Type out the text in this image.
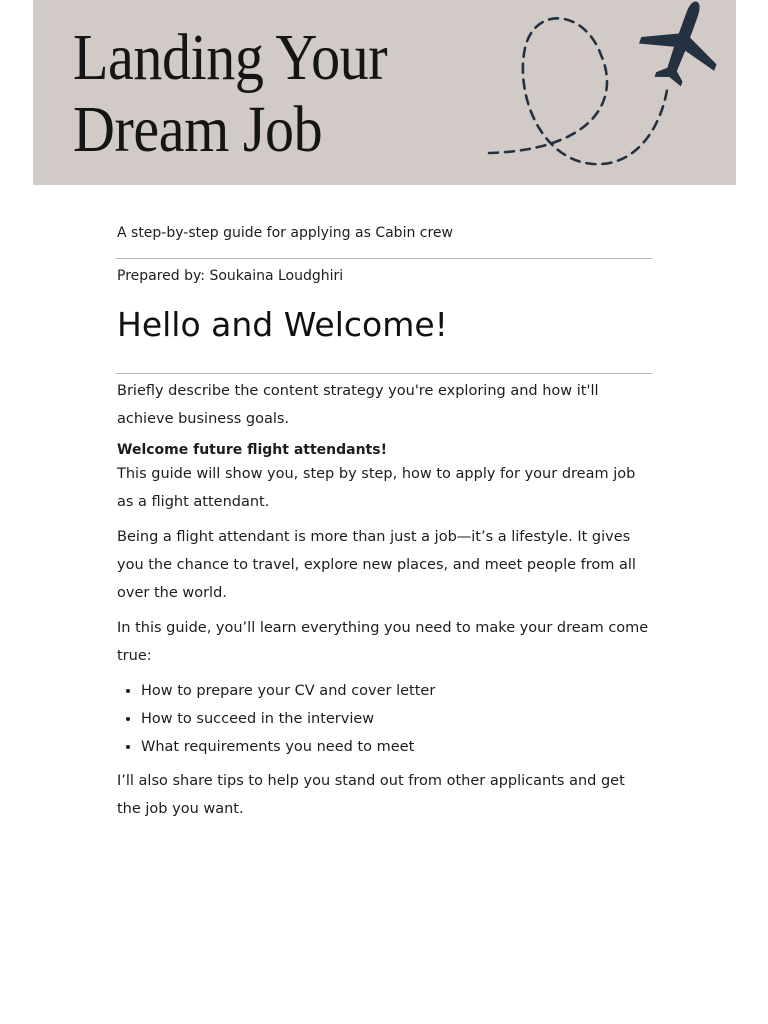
Landing Your
Dream Job
A step-by-step guide for applying as Cabin crew
Prepared by: Soukaina Loudghiri
Hello and Welcome!

Briefly describe the content strategy you're exploring and how it'll achieve business goals.

Welcome future flight attendants!

This guide will show you, step by step, how to apply for your dream job as a flight attendant.

Being a flight attendant is more than just a job—it’s a lifestyle. It gives you the chance to travel, explore new places, and meet people from all over the world.

In this guide, you’ll learn everything you need to make your dream come true:

• How to prepare your CV and cover letter
• How to succeed in the interview
• What requirements you need to meet

I’ll also share tips to help you stand out from other applicants and get the job you want.
